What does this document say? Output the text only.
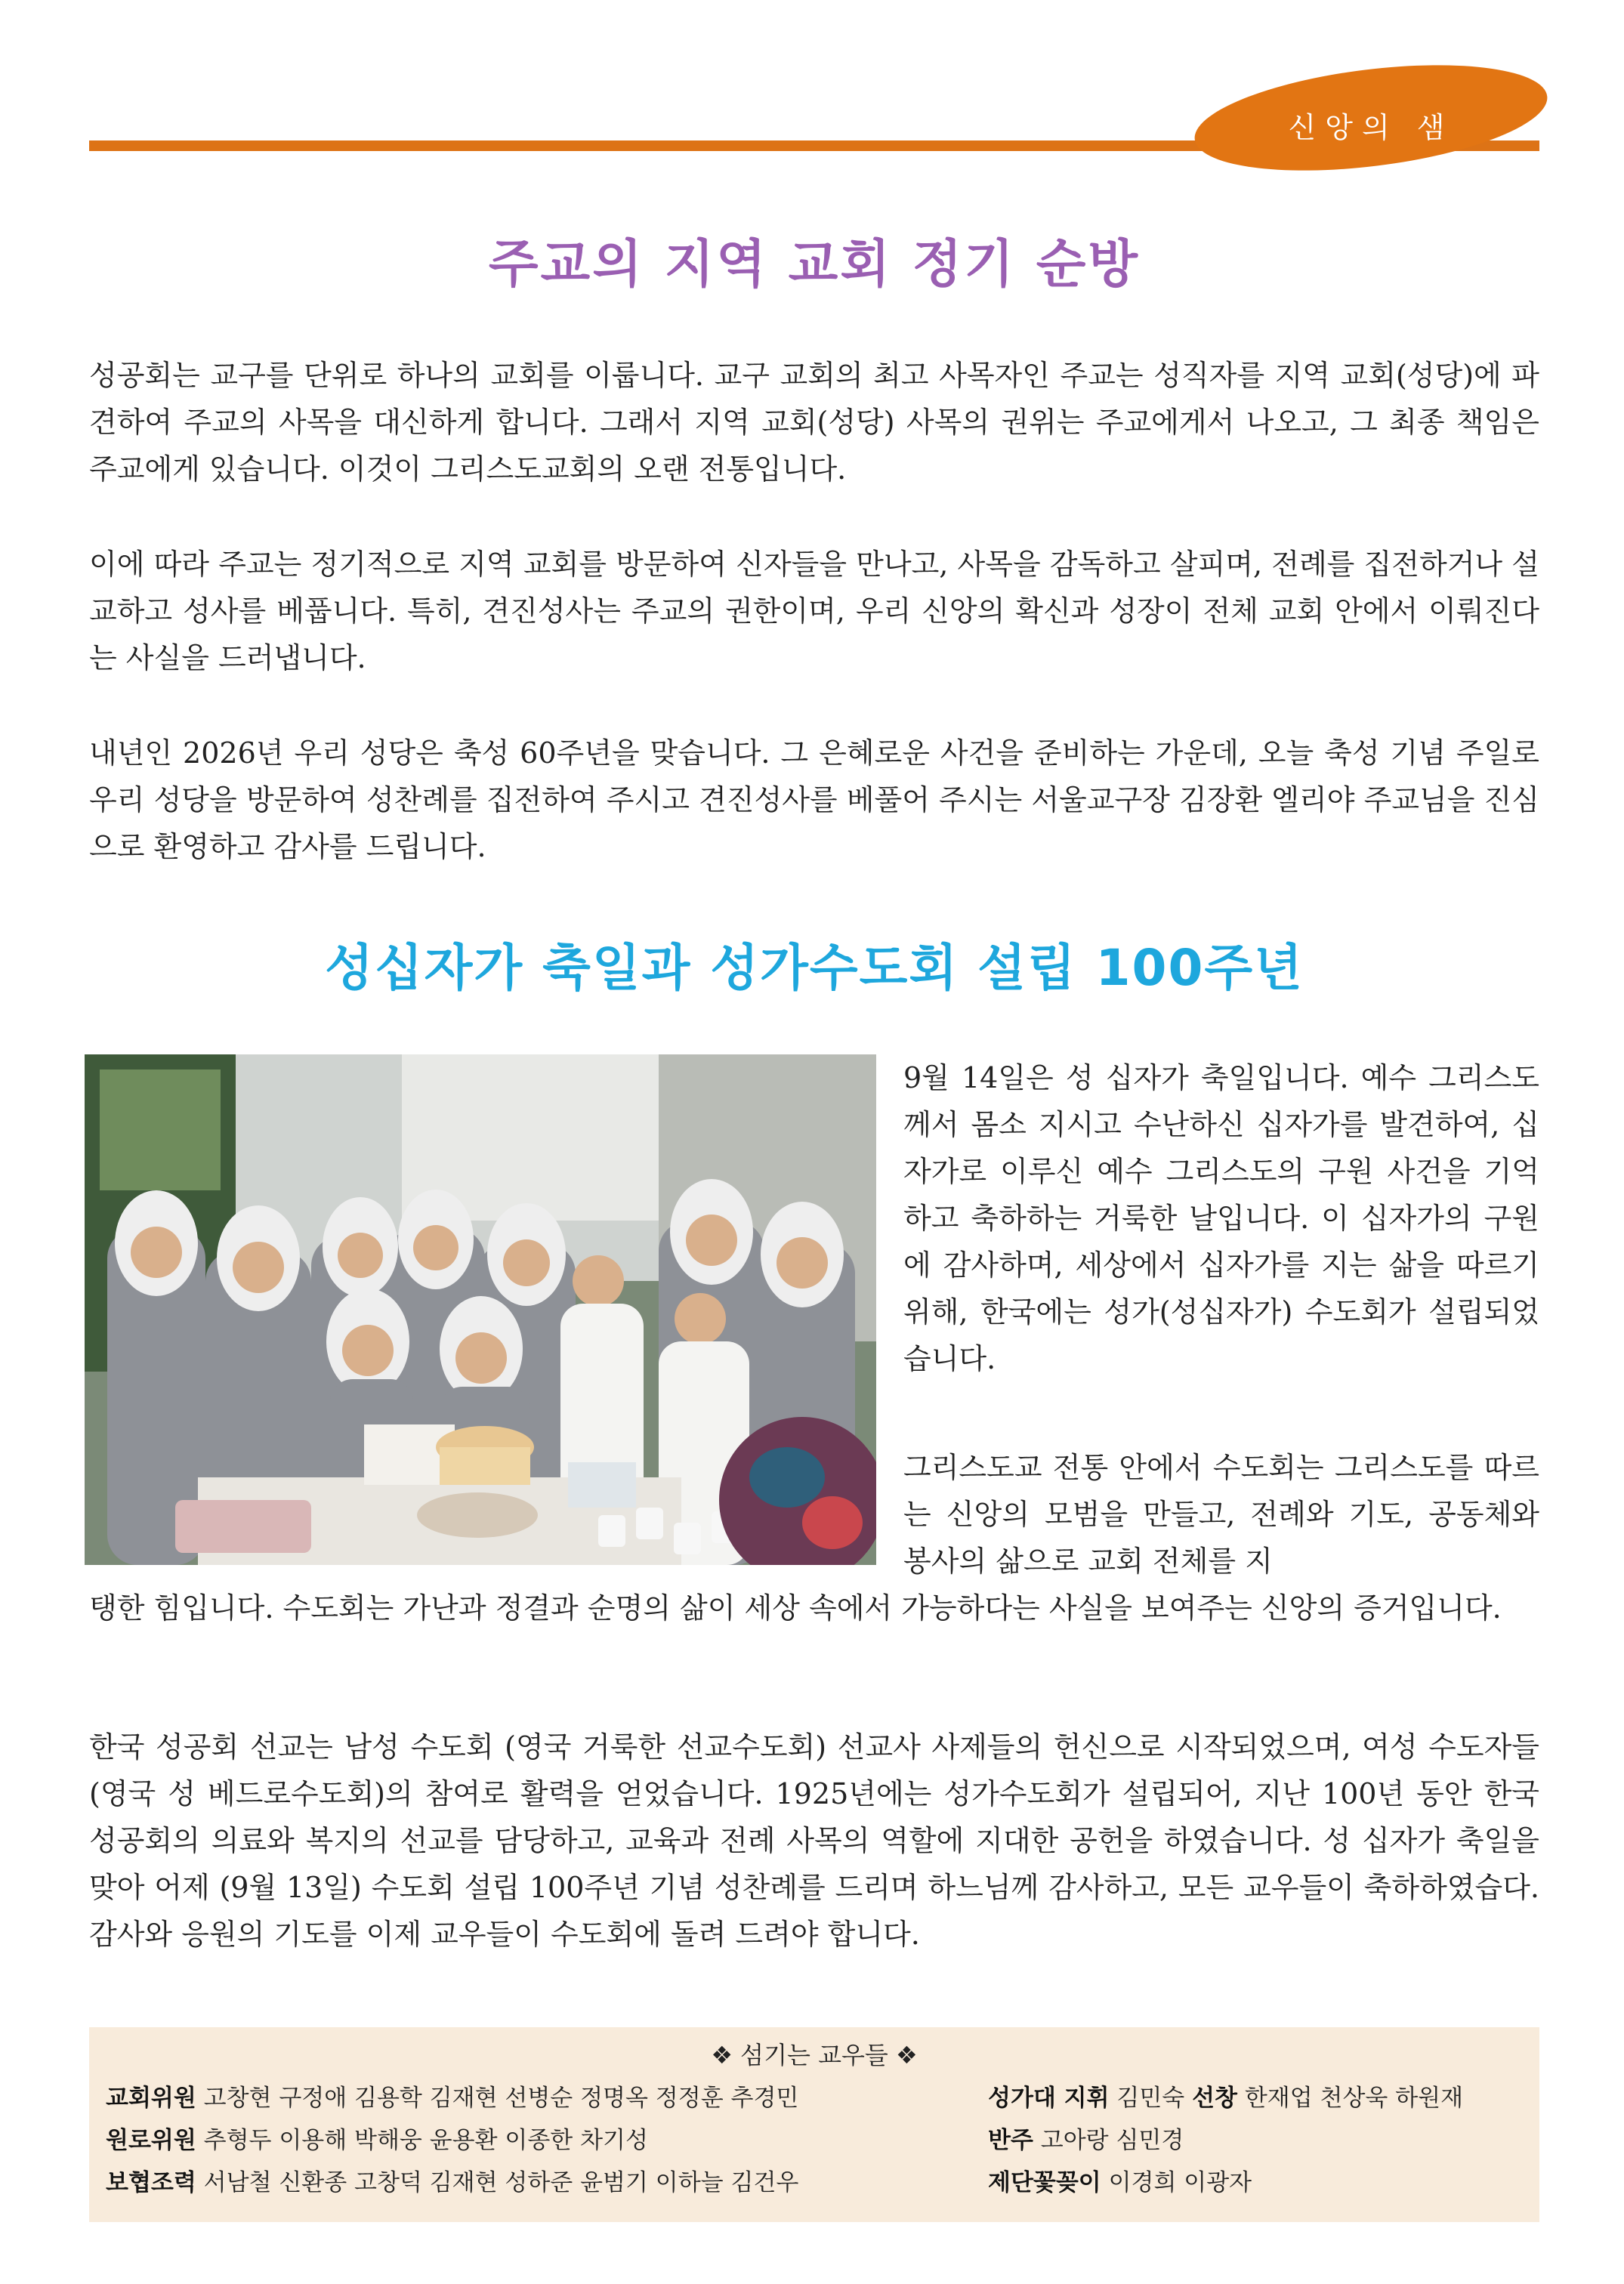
신앙의 샘
주교의 지역 교회 정기 순방

성공회는 교구를 단위로 하나의 교회를 이룹니다. 교구 교회의 최고 사목자인 주교는 성직자를 지역 교회(성당)에 파견하여 주교의 사목을 대신하게 합니다. 그래서 지역 교회(성당) 사목의 권위는 주교에게서 나오고, 그 최종 책임은 주교에게 있습니다. 이것이 그리스도교회의 오랜 전통입니다.

이에 따라 주교는 정기적으로 지역 교회를 방문하여 신자들을 만나고, 사목을 감독하고 살피며, 전례를 집전하거나 설교하고 성사를 베풉니다. 특히, 견진성사는 주교의 권한이며, 우리 신앙의 확신과 성장이 전체 교회 안에서 이뤄진다는 사실을 드러냅니다.

내년인 2026년 우리 성당은 축성 60주년을 맞습니다. 그 은혜로운 사건을 준비하는 가운데, 오늘 축성 기념 주일로 우리 성당을 방문하여 성찬례를 집전하여 주시고 견진성사를 베풀어 주시는 서울교구장 김장환 엘리야 주교님을 진심으로 환영하고 감사를 드립니다.

성십자가 축일과 성가수도회 설립 100주년

9월 14일은 성 십자가 축일입니다. 예수 그리스도께서 몸소 지시고 수난하신 십자가를 발견하여, 십자가로 이루신 예수 그리스도의 구원 사건을 기억하고 축하하는 거룩한 날입니다. 이 십자가의 구원에 감사하며, 세상에서 십자가를 지는 삶을 따르기 위해, 한국에는 성가(성십자가) 수도회가 설립되었습니다.

그리스도교 전통 안에서 수도회는 그리스도를 따르는 신앙의 모범을 만들고, 전례와 기도, 공동체와 봉사의 삶으로 교회 전체를 지

탱한 힘입니다. 수도회는 가난과 정결과 순명의 삶이 세상 속에서 가능하다는 사실을 보여주는 신앙의 증거입니다.

한국 성공회 선교는 남성 수도회 (영국 거룩한 선교수도회) 선교사 사제들의 헌신으로 시작되었으며, 여성 수도자들(영국 성 베드로수도회)의 참여로 활력을 얻었습니다. 1925년에는 성가수도회가 설립되어, 지난 100년 동안 한국 성공회의 의료와 복지의 선교를 담당하고, 교육과 전례 사목의 역할에 지대한 공헌을 하였습니다. 성 십자가 축일을 맞아 어제 (9월 13일) 수도회 설립 100주년 기념 성찬례를 드리며 하느님께 감사하고, 모든 교우들이 축하하였습다. 감사와 응원의 기도를 이제 교우들이 수도회에 돌려 드려야 합니다.

❖ 섬기는 교우들 ❖
교회위원 고창현 구정애 김용학 김재현 선병순 정명옥 정정훈 추경민
원로위원 추형두 이용해 박해웅 윤용환 이종한 차기성
보협조력 서남철 신환종 고창덕 김재현 성하준 윤범기 이하늘 김건우
성가대 지휘 김민숙 선창 한재업 천상욱 하원재
반주 고아랑 심민경
제단꽃꽂이 이경희 이광자
